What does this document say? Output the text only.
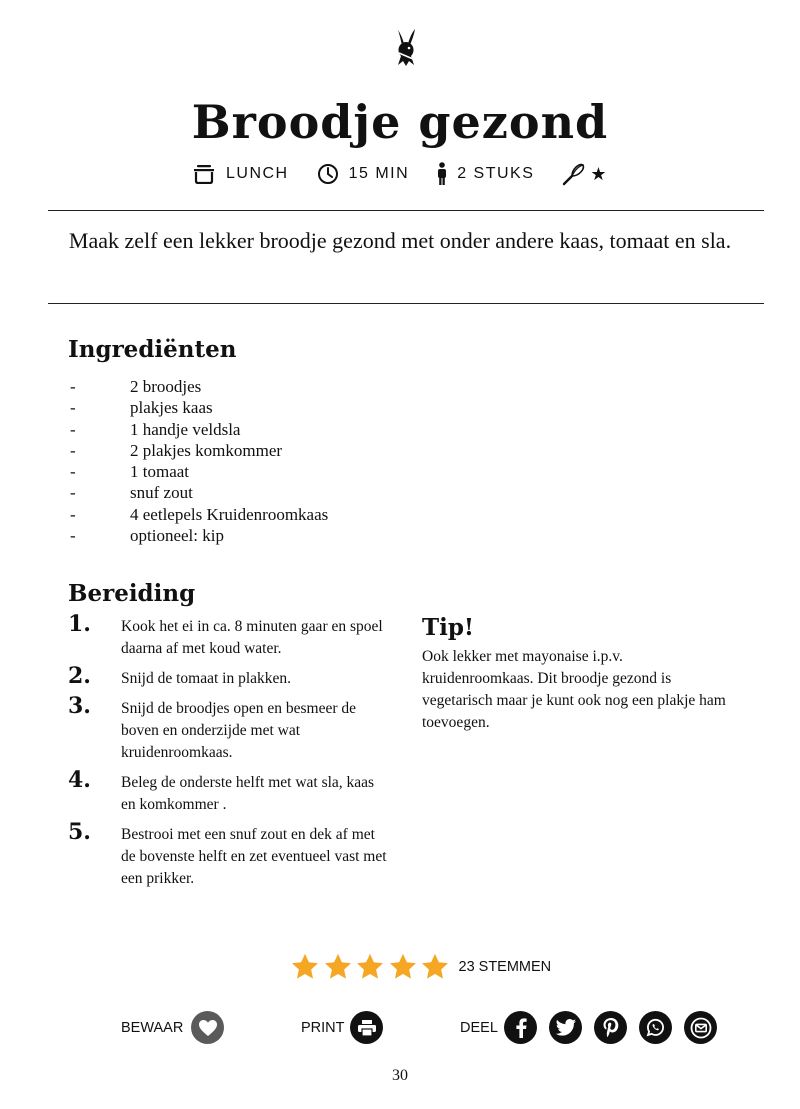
Broodje gezond
LUNCH	15 MIN	2 STUKS	★
Maak zelf een lekker broodje gezond met onder andere kaas, tomaat en sla.
Ingrediënten
- 2 broodjes
- plakjes kaas
- 1 handje veldsla
- 2 plakjes komkommer
- 1 tomaat
- snuf zout
- 4 eetlepels Kruidenroomkaas
- optioneel: kip
Bereiding
1. Kook het ei in ca. 8 minuten gaar en spoel daarna af met koud water.
2. Snijd de tomaat in plakken.
3. Snijd de broodjes open en besmeer de boven en onderzijde met wat kruidenroomkaas.
4. Beleg de onderste helft met wat sla, kaas en komkommer .
5. Bestrooi met een snuf zout en dek af met de bovenste helft en zet eventueel vast met een prikker.
Tip!
Ook lekker met mayonaise i.p.v. kruidenroomkaas. Dit broodje gezond is vegetarisch maar je kunt ook nog een plakje ham toevoegen.
23 STEMMEN
BEWAAR	PRINT	DEEL
30
